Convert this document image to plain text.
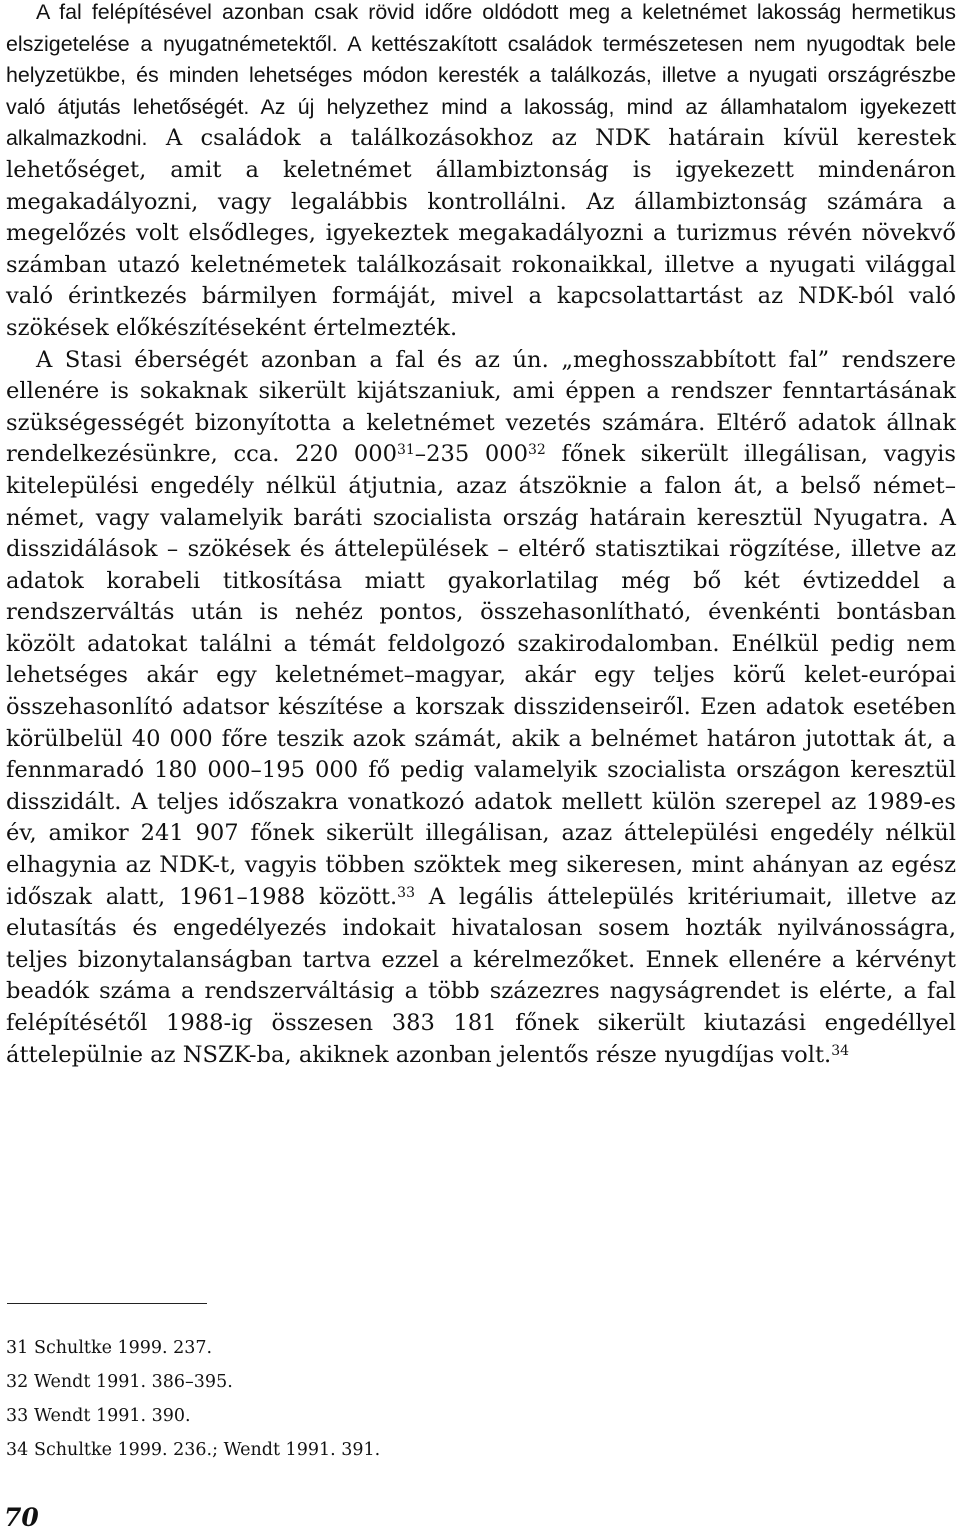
A fal felépítésével azonban csak rövid időre oldódott meg a keletnémet lakosság hermetikus elszigetelése a nyugatnémetektől. A kettészakított családok természetesen nem nyugodtak bele helyzetükbe, és minden lehetséges módon keresték a találkozás, illetve a nyugati országrészbe való átjutás lehetőségét. Az új helyzethez mind a lakosság, mind az államhatalom igyekezett alkalmazkodni. A családok a találkozásokhoz az NDK határain kívül kerestek lehetőséget, amit a keletnémet állambiztonság is igyekezett mindenáron megakadályozni, vagy legalábbis kontrollálni. Az állambiztonság számára a megelőzés volt elsődleges, igyekeztek megakadályozni a turizmus révén növekvő számban utazó keletnémetek találkozásait rokonaikkal, illetve a nyugati világgal való érintkezés bármilyen formáját, mivel a kapcsolattartást az NDK-ból való szökések előkészítéseként értelmezték.

A Stasi éberségét azonban a fal és az ún. „meghosszabbított fal” rendszere ellenére is sokaknak sikerült kijátszaniuk, ami éppen a rendszer fenntartásának szükségességét bizonyította a keletnémet vezetés számára. Eltérő adatok állnak rendelkezésünkre, cca. 220 $000^{31}-235$ $000^{32}$ főnek sikerült illegálisan, vagyis kitelepülési engedély nélkül átjutnia, azaz átszöknie a falon át, a belső német–német, vagy valamelyik baráti szocialista ország határain keresztül Nyugatra. A disszidálások – szökések és áttelepülések – eltérő statisztikai rögzítése, illetve az adatok korabeli titkosítása miatt gyakorlatilag még bő két évtizeddel a rendszerváltás után is nehéz pontos, összehasonlítható, évenkénti bontásban közölt adatokat találni a témát feldolgozó szakirodalomban. Enélkül pedig nem lehetséges akár egy keletnémet–magyar, akár egy teljes körű kelet-európai összehasonlító adatsor készítése a korszak disszidenseiről. Ezen adatok esetében körülbelül 40 000 főre teszik azok számát, akik a belnémet határon jutottak át, a fennmaradó 180 000–195 000 fő pedig valamelyik szocialista országon keresztül disszidált. A teljes időszakra vonatkozó adatok mellett külön szerepel az 1989-es év, amikor 241 907 főnek sikerült illegálisan, azaz áttelepülési engedély nélkül elhagynia az NDK-t, vagyis többen szöktek meg sikeresen, mint ahányan az egész időszak alatt, 1961–1988 között.$^{33}$ A legális áttelepülés kritériumait, illetve az elutasítás és engedélyezés indokait hivatalosan sosem hozták nyilvánosságra, teljes bizonytalanságban tartva ezzel a kérelmezőket. Ennek ellenére a kérvényt beadók száma a rendszerváltásig a több százezres nagyságrendet is elérte, a fal felépítésétől 1988-ig összesen 383 181 főnek sikerült kiutazási engedéllyel áttelepülnie az NSZK-ba, akiknek azonban jelentős része nyugdíjas volt.$^{34}$

31 Schultke 1999. 237.
32 Wendt 1991. 386–395.
33 Wendt 1991. 390.
34 Schultke 1999. 236.; Wendt 1991. 391.
70
